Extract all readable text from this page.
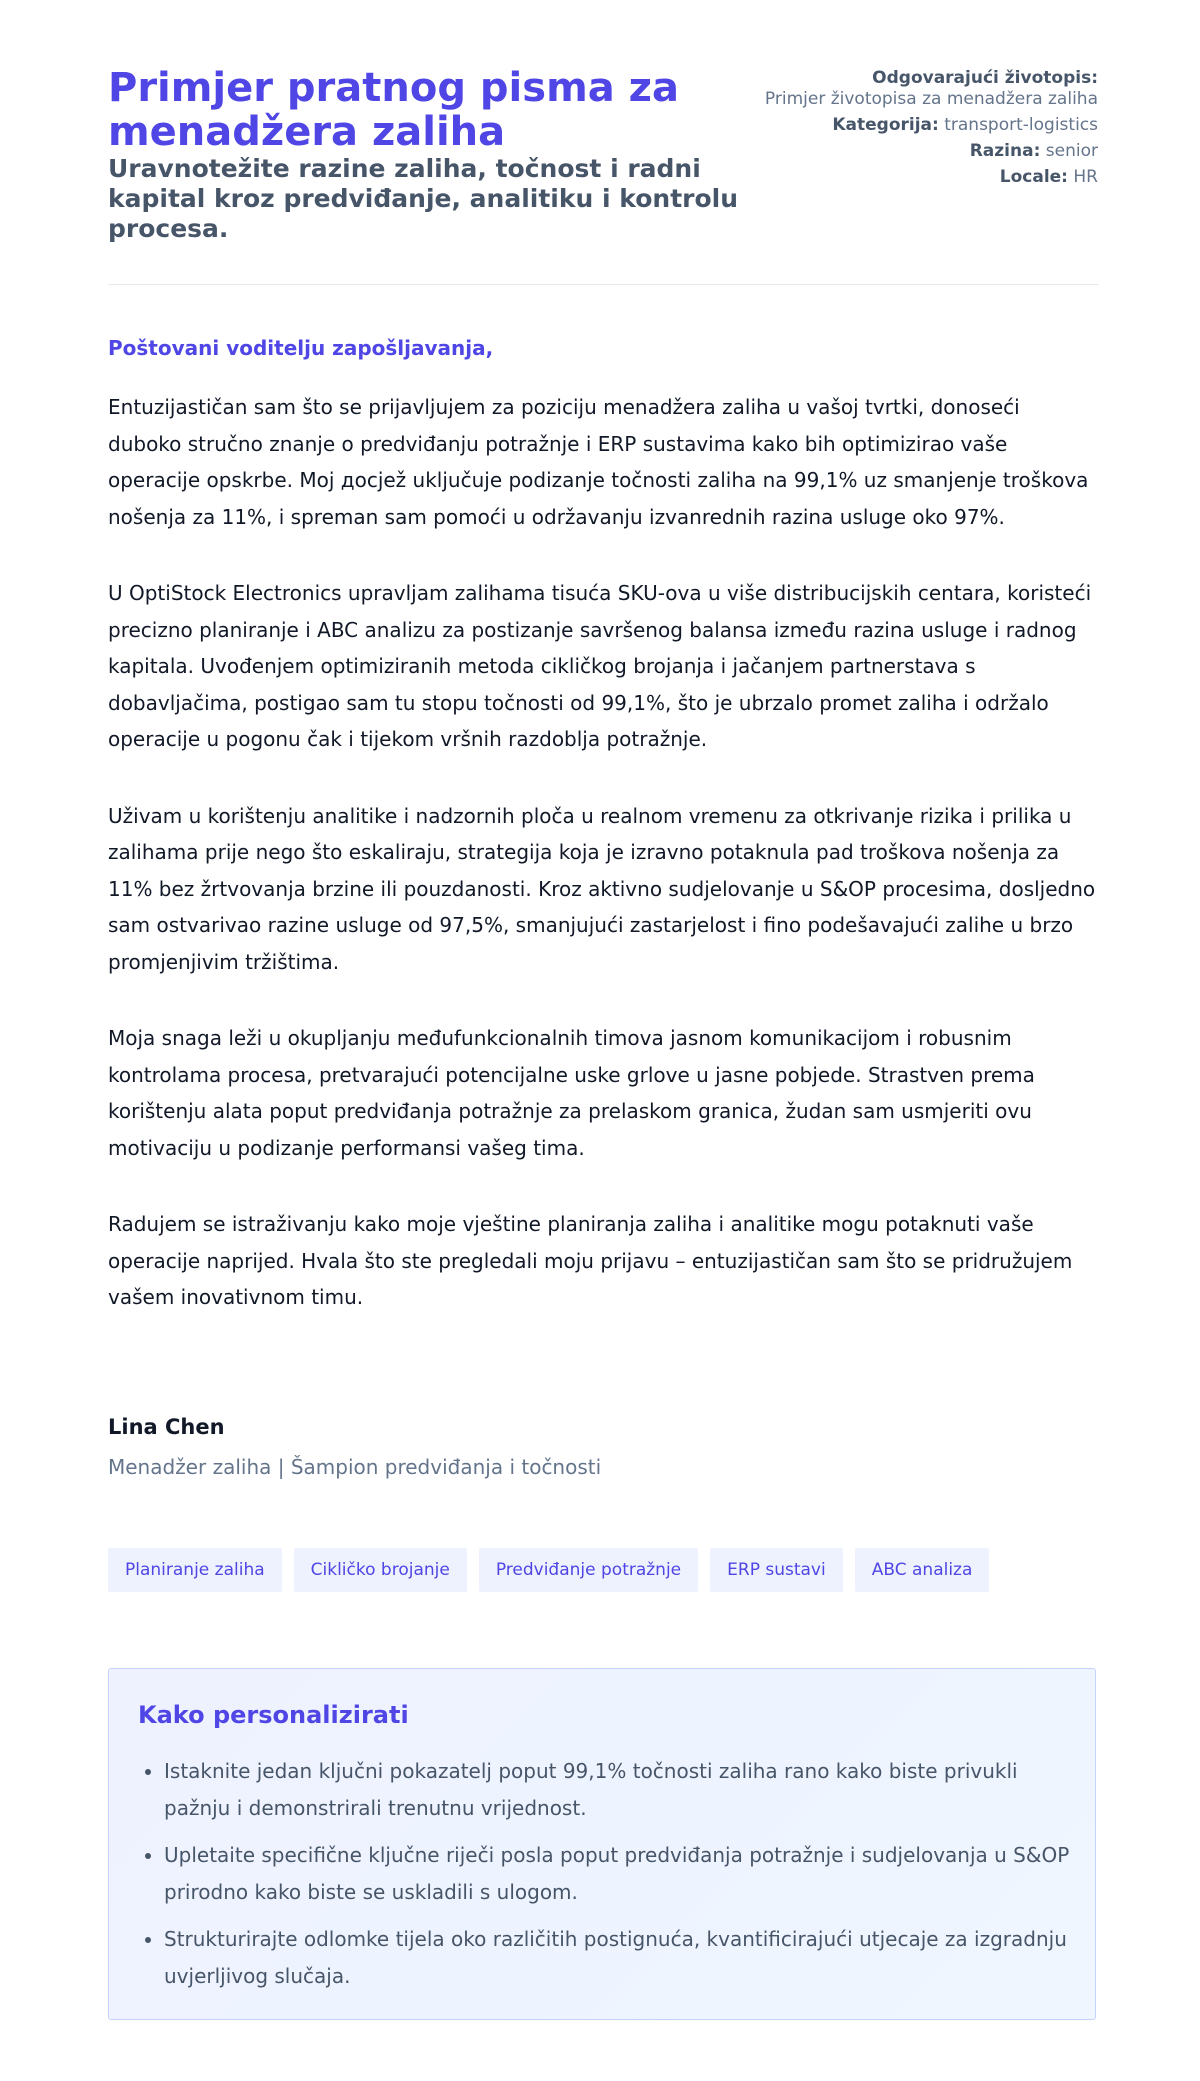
Primjer pratnog pisma za menadžera zaliha
Uravnotežite razine zaliha, točnost i radni kapital kroz predviđanje, analitiku i kontrolu procesa.
Odgovarajući životopis:
Primjer životopisa za menadžera zaliha
Kategorija: transport-logistics
Razina: senior
Locale: HR

Poštovani voditelju zapošljavanja,

Entuzijastičan sam što se prijavljujem za poziciju menadžera zaliha u vašoj tvrtki, donoseći duboko stručno znanje o predviđanju potražnje i ERP sustavima kako bih optimizirao vaše operacije opskrbe. Moj досjež uključuje podizanje točnosti zaliha na 99,1% uz smanjenje troškova nošenja za 11%, i spreman sam pomoći u održavanju izvanrednih razina usluge oko 97%.

U OptiStock Electronics upravljam zalihama tisuća SKU-ova u više distribucijskih centara, koristeći precizno planiranje i ABC analizu za postizanje savršenog balansa između razina usluge i radnog kapitala. Uvođenjem optimiziranih metoda cikličkog brojanja i jačanjem partnerstava s dobavljačima, postigao sam tu stopu točnosti od 99,1%, što je ubrzalo promet zaliha i održalo operacije u pogonu čak i tijekom vršnih razdoblja potražnje.

Uživam u korištenju analitike i nadzornih ploča u realnom vremenu za otkrivanje rizika i prilika u zalihama prije nego što eskaliraju, strategija koja je izravno potaknula pad troškova nošenja za 11% bez žrtvovanja brzine ili pouzdanosti. Kroz aktivno sudjelovanje u S&OP procesima, dosljedno sam ostvarivao razine usluge od 97,5%, smanjujući zastarjelost i fino podešavajući zalihe u brzo promjenjivim tržištima.

Moja snaga leži u okupljanju međufunkcionalnih timova jasnom komunikacijom i robusnim kontrolama procesa, pretvarajući potencijalne uske grlove u jasne pobjede. Strastven prema korištenju alata poput predviđanja potražnje za prelaskom granica, žudan sam usmjeriti ovu motivaciju u podizanje performansi vašeg tima.

Radujem se istraživanju kako moje vještine planiranja zaliha i analitike mogu potaknuti vaše operacije naprijed. Hvala što ste pregledali moju prijavu – entuzijastičan sam što se pridružujem vašem inovativnom timu.

Lina Chen

Menadžer zaliha | Šampion predviđanja i točnosti

Planiranje zaliha	Cikličko brojanje	Predviđanje potražnje	ERP sustavi	ABC analiza
Kako personalizirati
• Istaknite jedan ključni pokazatelj poput 99,1% točnosti zaliha rano kako biste privukli pažnju i demonstrirali trenutnu vrijednost.
• Upletaite specifične ključne riječi posla poput predviđanja potražnje i sudjelovanja u S&OP prirodno kako biste se uskladili s ulogom.
• Strukturirajte odlomke tijela oko različitih postignuća, kvantificirajući utjecaje za izgradnju uvjerljivog slučaja.
